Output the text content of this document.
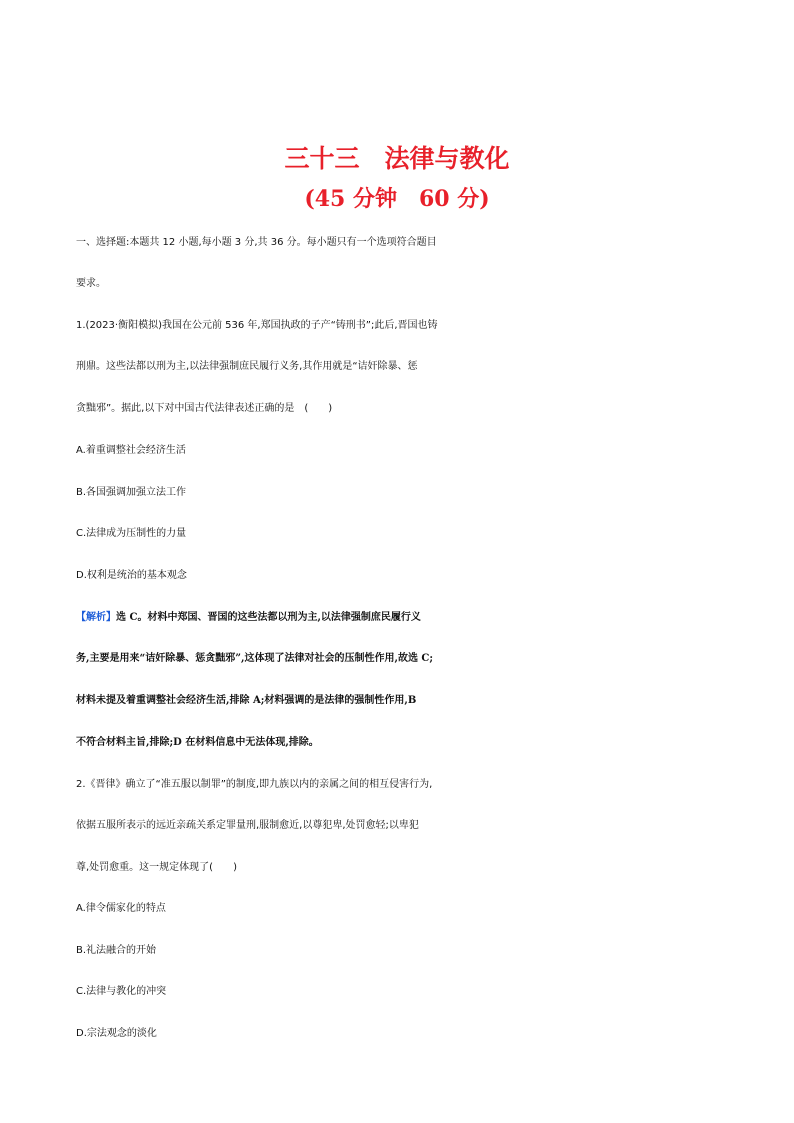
三十三　法律与教化
(45 分钟　60 分)
一、选择题:本题共 12 小题,每小题 3 分,共 36 分。每小题只有一个选项符合题目
要求。
1.(2023·衡阳模拟)我国在公元前 536 年,郑国执政的子产“铸刑书”;此后,晋国也铸
刑鼎。这些法都以刑为主,以法律强制庶民履行义务,其作用就是“诘奸除暴、惩
贪黜邪”。据此,以下对中国古代法律表述正确的是　(　　)
A.着重调整社会经济生活
B.各国强调加强立法工作
C.法律成为压制性的力量
D.权利是统治的基本观念
【解析】选 C。材料中郑国、晋国的这些法都以刑为主,以法律强制庶民履行义
务,主要是用来“诘奸除暴、惩贪黜邪”,这体现了法律对社会的压制性作用,故选 C;
材料未提及着重调整社会经济生活,排除 A;材料强调的是法律的强制性作用,B
不符合材料主旨,排除;D 在材料信息中无法体现,排除。
2.《晋律》确立了“准五服以制罪”的制度,即九族以内的亲属之间的相互侵害行为,
依据五服所表示的远近亲疏关系定罪量刑,服制愈近,以尊犯卑,处罚愈轻;以卑犯
尊,处罚愈重。这一规定体现了(　　)
A.律令儒家化的特点
B.礼法融合的开始
C.法律与教化的冲突
D.宗法观念的淡化
